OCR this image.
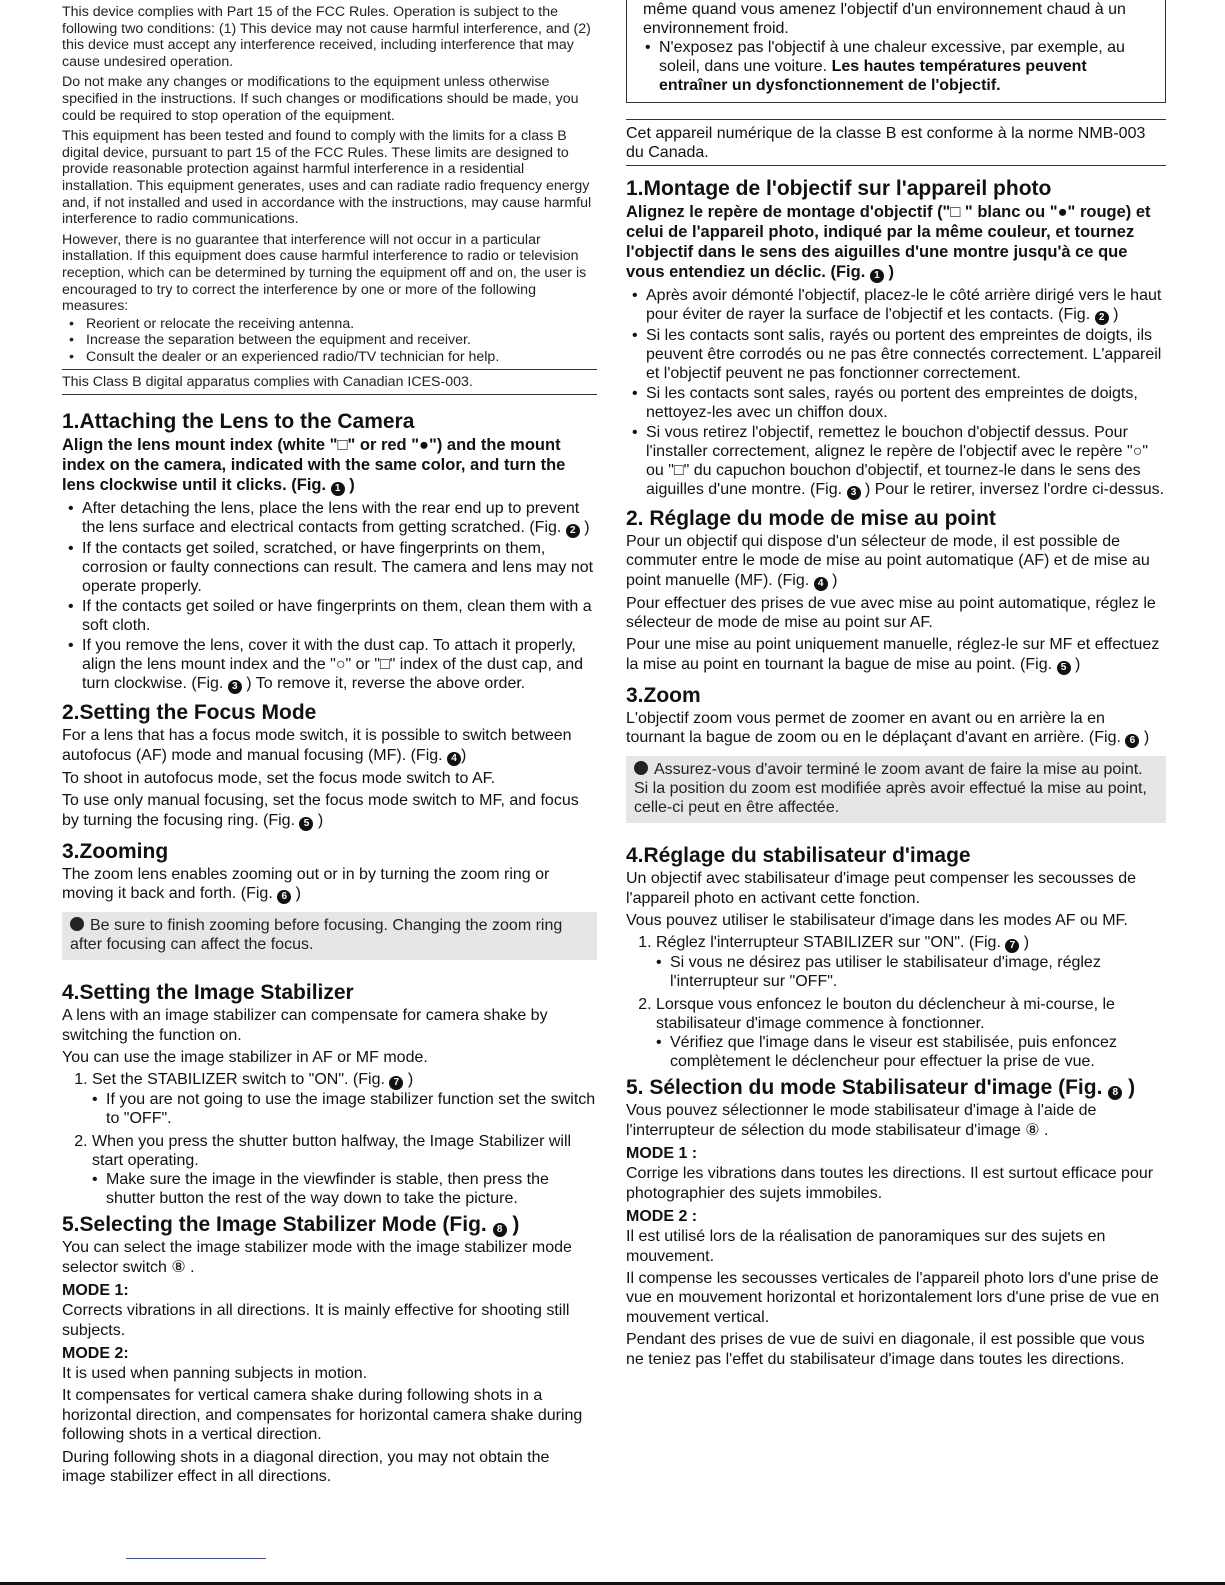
This device complies with Part 15 of the FCC Rules. Operation is subject to the following two conditions: (1) This device may not cause harmful interference, and (2) this device must accept any interference received, including interference that may cause undesired operation.

Do not make any changes or modifications to the equipment unless otherwise specified in the instructions. If such changes or modifications should be made, you could be required to stop operation of the equipment.

This equipment has been tested and found to comply with the limits for a class B digital device, pursuant to part 15 of the FCC Rules. These limits are designed to provide reasonable protection against harmful interference in a residential installation. This equipment generates, uses and can radiate radio frequency energy and, if not installed and used in accordance with the instructions, may cause harmful interference to radio communications.

However, there is no guarantee that interference will not occur in a particular installation. If this equipment does cause harmful interference to radio or television reception, which can be determined by turning the equipment off and on, the user is encouraged to try to correct the interference by one or more of the following measures:

• Reorient or relocate the receiving antenna.
• Increase the separation between the equipment and receiver.
• Consult the dealer or an experienced radio/TV technician for help.
This Class B digital apparatus complies with Canadian ICES-003.
1.Attaching the Lens to the Camera
Align the lens mount index (white "□" or red "●") and the mount index on the camera, indicated with the same color, and turn the lens clockwise until it clicks. (Fig. 1 )
• After detaching the lens, place the lens with the rear end up to prevent the lens surface and electrical contacts from getting scratched. (Fig. 2 )
• If the contacts get soiled, scratched, or have fingerprints on them, corrosion or faulty connections can result. The camera and lens may not operate properly.
• If the contacts get soiled or have fingerprints on them, clean them with a soft cloth.
• If you remove the lens, cover it with the dust cap. To attach it properly, align the lens mount index and the "○" or "□" index of the dust cap, and turn clockwise. (Fig. 3 ) To remove it, reverse the above order.
2.Setting the Focus Mode

For a lens that has a focus mode switch, it is possible to switch between autofocus (AF) mode and manual focusing (MF). (Fig. 4 )

To shoot in autofocus mode, set the focus mode switch to AF.

To use only manual focusing, set the focus mode switch to MF, and focus by turning the focusing ring. (Fig. 5 )

3.Zooming

The zoom lens enables zooming out or in by turning the zoom ring or moving it back and forth. (Fig. 6 )

Be sure to finish zooming before focusing. Changing the zoom ring after focusing can affect the focus.
4.Setting the Image Stabilizer

A lens with an image stabilizer can compensate for camera shake by switching the function on.

You can use the image stabilizer in AF or MF mode.

1. Set the STABILIZER switch to "ON". (Fig. 7 )
• If you are not going to use the image stabilizer function set the switch to "OFF".
2. When you press the shutter button halfway, the Image Stabilizer will start operating.
• Make sure the image in the viewfinder is stable, then press the shutter button the rest of the way down to take the picture.
5.Selecting the Image Stabilizer Mode (Fig. 8 )

You can select the image stabilizer mode with the image stabilizer mode selector switch ⑧ .

MODE 1:

Corrects vibrations in all directions. It is mainly effective for shooting still subjects.

MODE 2:

It is used when panning subjects in motion.

It compensates for vertical camera shake during following shots in a horizontal direction, and compensates for horizontal camera shake during following shots in a vertical direction.

During following shots in a diagonal direction, you may not obtain the image stabilizer effect in all directions.

même quand vous amenez l'objectif d'un environnement chaud à un environnement froid.

• N'exposez pas l'objectif à une chaleur excessive, par exemple, au soleil, dans une voiture. Les hautes températures peuvent entraîner un dysfonctionnement de l'objectif.
Cet appareil numérique de la classe B est conforme à la norme NMB-003 du Canada.
1.Montage de l'objectif sur l'appareil photo
Alignez le repère de montage d'objectif ("□ " blanc ou "●" rouge) et celui de l'appareil photo, indiqué par la même couleur, et tournez l'objectif dans le sens des aiguilles d'une montre jusqu'à ce que vous entendiez un déclic. (Fig. 1 )
• Après avoir démonté l'objectif, placez-le le côté arrière dirigé vers le haut pour éviter de rayer la surface de l'objectif et les contacts. (Fig. 2 )
• Si les contacts sont salis, rayés ou portent des empreintes de doigts, ils peuvent être corrodés ou ne pas être connectés correctement. L'appareil et l'objectif peuvent ne pas fonctionner correctement.
• Si les contacts sont sales, rayés ou portent des empreintes de doigts, nettoyez-les avec un chiffon doux.
• Si vous retirez l'objectif, remettez le bouchon d'objectif dessus. Pour l'installer correctement, alignez le repère de l'objectif avec le repère "○" ou "□" du capuchon bouchon d'objectif, et tournez-le dans le sens des aiguilles d'une montre. (Fig. 3 ) Pour le retirer, inversez l'ordre ci-dessus.
2. Réglage du mode de mise au point

Pour un objectif qui dispose d'un sélecteur de mode, il est possible de commuter entre le mode de mise au point automatique (AF) et de mise au point manuelle (MF). (Fig. 4 )

Pour effectuer des prises de vue avec mise au point automatique, réglez le sélecteur de mode de mise au point sur AF.

Pour une mise au point uniquement manuelle, réglez-le sur MF et effectuez la mise au point en tournant la bague de mise au point. (Fig. 5 )

3.Zoom

L'objectif zoom vous permet de zoomer en avant ou en arrière la en tournant la bague de zoom ou en le déplaçant d'avant en arrière. (Fig. 6 )

Assurez-vous d'avoir terminé le zoom avant de faire la mise au point. Si la position du zoom est modifiée après avoir effectué la mise au point, celle-ci peut en être affectée.
4.Réglage du stabilisateur d'image

Un objectif avec stabilisateur d'image peut compenser les secousses de l'appareil photo en activant cette fonction.

Vous pouvez utiliser le stabilisateur d'image dans les modes AF ou MF.

1. Réglez l'interrupteur STABILIZER sur "ON". (Fig. 7 )
• Si vous ne désirez pas utiliser le stabilisateur d'image, réglez l'interrupteur sur "OFF".
2. Lorsque vous enfoncez le bouton du déclencheur à mi-course, le stabilisateur d'image commence à fonctionner.
• Vérifiez que l'image dans le viseur est stabilisée, puis enfoncez complètement le déclencheur pour effectuer la prise de vue.
5. Sélection du mode Stabilisateur d'image (Fig. 8 )

Vous pouvez sélectionner le mode stabilisateur d'image à l'aide de l'interrupteur de sélection du mode stabilisateur d'image ⑧ .

MODE 1 :

Corrige les vibrations dans toutes les directions. Il est surtout efficace pour photographier des sujets immobiles.

MODE 2 :

Il est utilisé lors de la réalisation de panoramiques sur des sujets en mouvement.

Il compense les secousses verticales de l'appareil photo lors d'une prise de vue en mouvement horizontal et horizontalement lors d'une prise de vue en mouvement vertical.

Pendant des prises de vue de suivi en diagonale, il est possible que vous ne teniez pas l'effet du stabilisateur d'image dans toutes les directions.
